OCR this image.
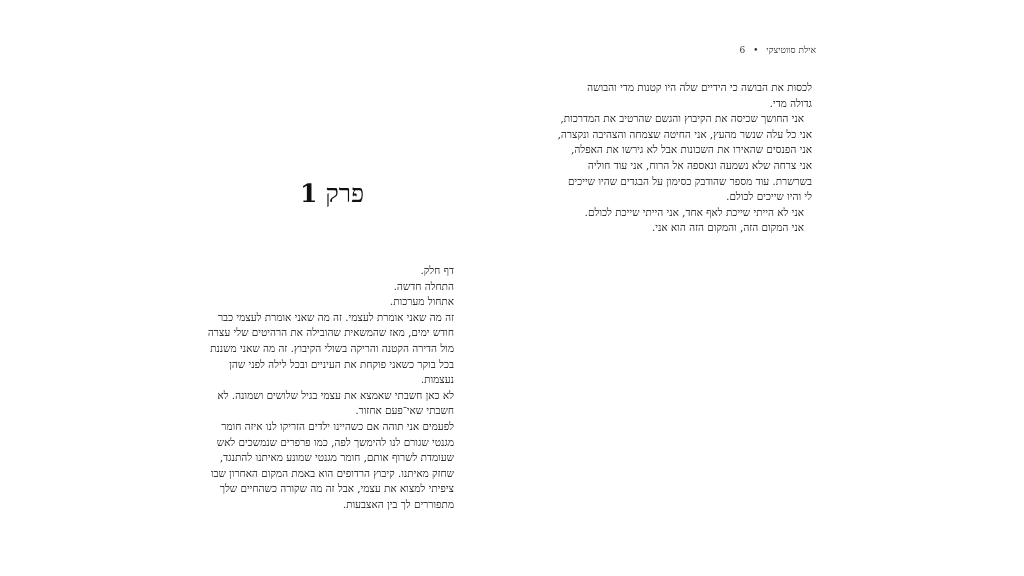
פרק 1
דף חלק.
התחלה חדשה.
אתחול מערכות.
זה מה שאני אומרת לעצמי. זה מה שאני אומרת לעצמי כבר
חודש ימים, מאז שהמשאית שהובילה את הרהיטים שלי עצרה
מול הדירה הקטנה והריקה בשולי הקיבוץ. זה מה שאני משננת
בכל בוקר כשאני פוקחת את העיניים ובכל לילה לפני שהן
נעצמות.
לא כאן חשבתי שאמצא את עצמי בגיל שלושים ושמונה. לא
חשבתי שאי־פעם אחזור.
לפעמים אני תוהה אם כשהיינו ילדים הזריקו לנו איזה חומר
מגנטי שגורם לנו להימשך לפה, כמו פרפרים שנמשכים לאש
שעומדת לשרוף אותם, חומר מגנטי שמונע מאיתנו להתנגד,
שחזק מאיתנו. קיבוץ הרדופים הוא באמת המקום האחרון שבו
ציפיתי למצוא את עצמי, אבל זה מה שקורה כשהחיים שלך
מתפוררים לך בין האצבעות.
אילת סווטיצקי • 6
לכסות את הבושה כי הידיים שלה היו קטנות מדי והבושה
גדולה מדי.
אני החושך שכיסה את הקיבוץ והגשם שהרטיב את המדרכות,
אני כל עלה שנשר מהעץ, אני החיטה שצמחה והצהיבה ונקצרה,
אני הפנסים שהאירו את השכונות אבל לא גירשו את האפלה,
אני צרחה שלא נשמעה ונאספה אל הרוח, אני עוד חוליה
בשרשרת. עוד מספר שהודבק כסימון על הבגדים שהיו שייכים
לי והיו שייכים לכולם.
אני לא הייתי שייכת לאף אחד, אני הייתי שייכת לכולם.
אני המקום הזה, והמקום הזה הוא אני.
